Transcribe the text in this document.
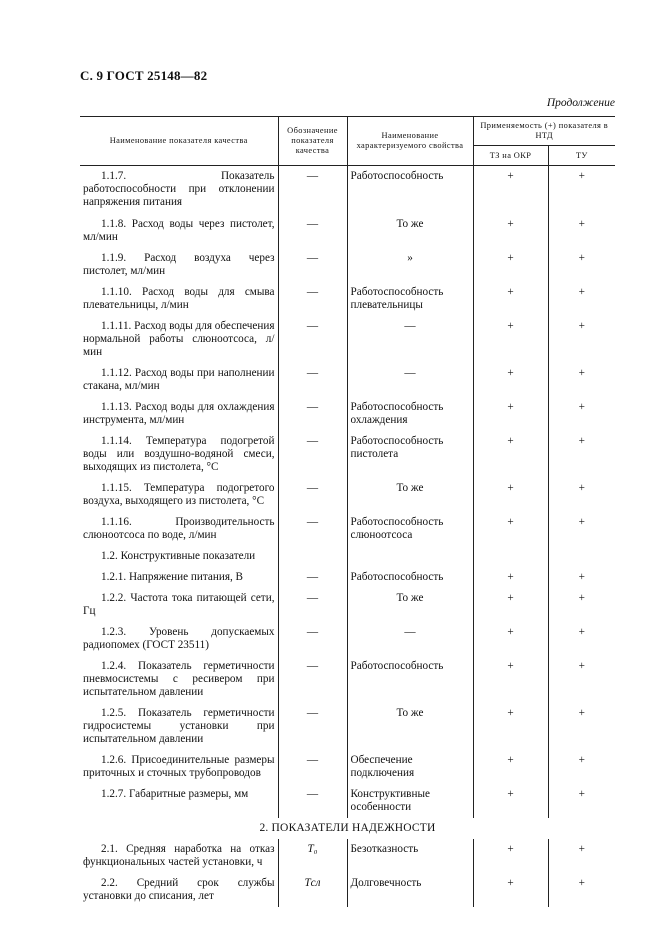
С. 9 ГОСТ 25148—82
Продолжение
Наименование показателя качества	Обозначение показателя качества	Наименование характеризуемого свойства	Применяемость (+) показателя в НТД	
			ТЗ на ОКР	ТУ

1.1.7. Показатель работоспособности при отклонении напряжения питания	—	Работоспособность	+	+

1.1.8. Расход воды через пистолет, мл/мин	—	То же	+	+

1.1.9. Расход воздуха через пистолет, мл/мин	—	»	+	+

1.1.10. Расход воды для смыва плевательницы, л/мин	—	Работоспособность плевательницы	+	+

1.1.11. Расход воды для обеспечения нормальной работы слюноотсоса, л/мин	—	—	+	+

1.1.12. Расход воды при наполнении стакана, мл/мин	—	—	+	+

1.1.13. Расход воды для охлаждения инструмента, мл/мин	—	Работоспособность охлаждения	+	+

1.1.14. Температура подогретой воды или воздушно-водяной смеси, выходящих из пистолета, °С	—	Работоспособность пистолета	+	+

1.1.15. Температура подогретого воздуха, выходящего из пистолета, °С	—	То же	+	+

1.1.16. Производительность слюноотсоса по воде, л/мин	—	Работоспособность слюноотсоса	+	+

1.2. Конструктивные показатели				

1.2.1. Напряжение питания, В	—	Работоспособность	+	+

1.2.2. Частота тока питающей сети, Гц	—	То же	+	+

1.2.3. Уровень допускаемых радиопомех (ГОСТ 23511)	—	—	+	+

1.2.4. Показатель герметичности пневмосистемы с ресивером при испытательном давлении	—	Работоспособность	+	+

1.2.5. Показатель герметичности гидросистемы установки при испытательном давлении	—	То же	+	+

1.2.6. Присоединительные размеры приточных и сточных трубопроводов	—	Обеспечение подключения	+	+

1.2.7. Габаритные размеры, мм	—	Конструктивные особенности	+	+
2. ПОКАЗАТЕЛИ НАДЕЖНОСТИ				

2.1. Средняя наработка на отказ функциональных частей установки, ч	T₀	Безотказность	+	+

2.2. Средний срок службы установки до списания, лет	Tсл	Долговечность	+	+
